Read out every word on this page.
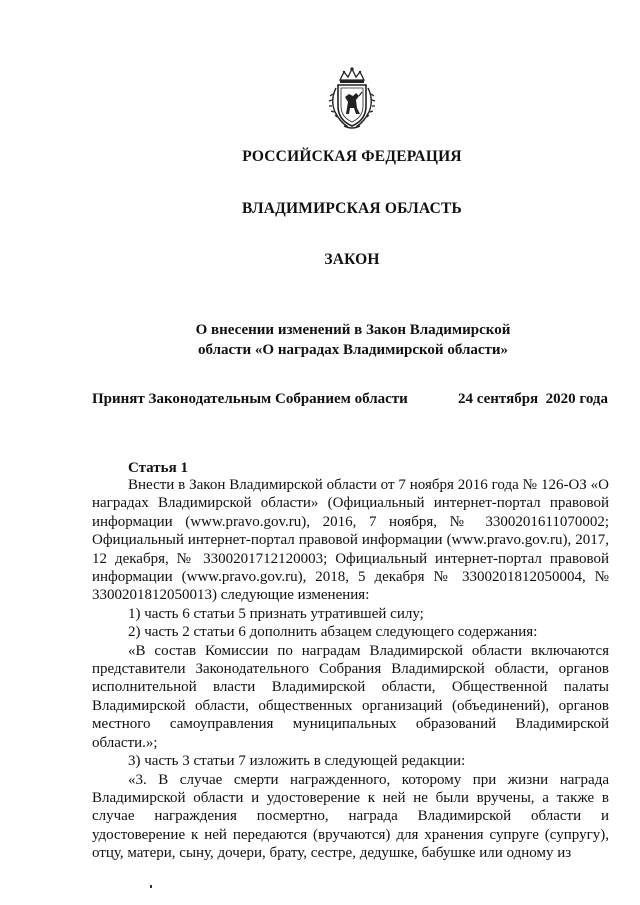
РОССИЙСКАЯ ФЕДЕРАЦИЯ
ВЛАДИМИРСКАЯ ОБЛАСТЬ
ЗАКОН
О внесении изменений в Закон Владимирской
области «О наградах Владимирской области»
Принят Законодательным Собранием области	24 сентября  2020 года
Статья 1

Внести в Закон Владимирской области от 7 ноября 2016 года № 126-ОЗ «О наградах Владимирской области» (Официальный интернет-портал правовой информации (www.pravo.gov.ru), 2016, 7 ноября, № 3300201611070002; Официальный интернет-портал правовой информации (www.pravo.gov.ru), 2017, 12 декабря, № 3300201712120003; Официальный интернет-портал правовой информации (www.pravo.gov.ru), 2018, 5 декабря № 3300201812050004, № 3300201812050013) следующие изменения:

1) часть 6 статьи 5 признать утратившей силу;

2) часть 2 статьи 6 дополнить абзацем следующего содержания:

«В состав Комиссии по наградам Владимирской области включаются представители Законодательного Собрания Владимирской области, органов исполнительной власти Владимирской области, Общественной палаты Владимирской области, общественных организаций (объединений), органов местного самоуправления муниципальных образований Владимирской области.»;

3) часть 3 статьи 7 изложить в следующей редакции:

«3. В случае смерти награжденного, которому при жизни награда Владимирской области и удостоверение к ней не были вручены, а также в случае награждения посмертно, награда Владимирской области и удостоверение к ней передаются (вручаются) для хранения супруге (супругу), отцу, матери, сыну, дочери, брату, сестре, дедушке, бабушке или одному из
